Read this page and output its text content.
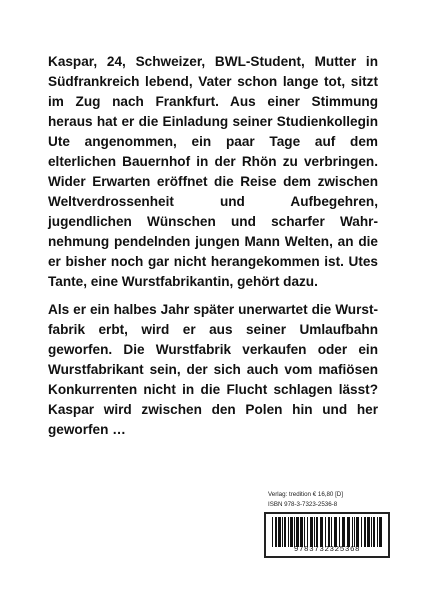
Kaspar, 24, Schweizer, BWL-Student, Mutter in Südfrankreich lebend, Vater schon lange tot, sitzt im Zug nach Frankfurt. Aus einer Stimmung heraus hat er die Einladung seiner Studienkollegin Ute angenommen, ein paar Tage auf dem elterlichen Bauernhof in der Rhön zu verbringen. Wider Erwarten eröffnet die Reise dem zwischen Weltverdrossenheit und Aufbegehren, jugendlichen Wünschen und scharfer Wahrnehmung pendelnden jungen Mann Welten, an die er bisher noch gar nicht herangekommen ist. Utes Tante, eine Wurstfabrikantin, gehört dazu.

Als er ein halbes Jahr später unerwartet die Wurstfabrik erbt, wird er aus seiner Umlaufbahn geworfen. Die Wurstfabrik verkaufen oder ein Wurstfabrikant sein, der sich auch vom mafiösen Konkurrenten nicht in die Flucht schlagen lässt? Kaspar wird zwischen den Polen hin und her geworfen …

Verlag: tredition € 16,80 [D]
ISBN 978-3-7323-2536-8
9783732325368
